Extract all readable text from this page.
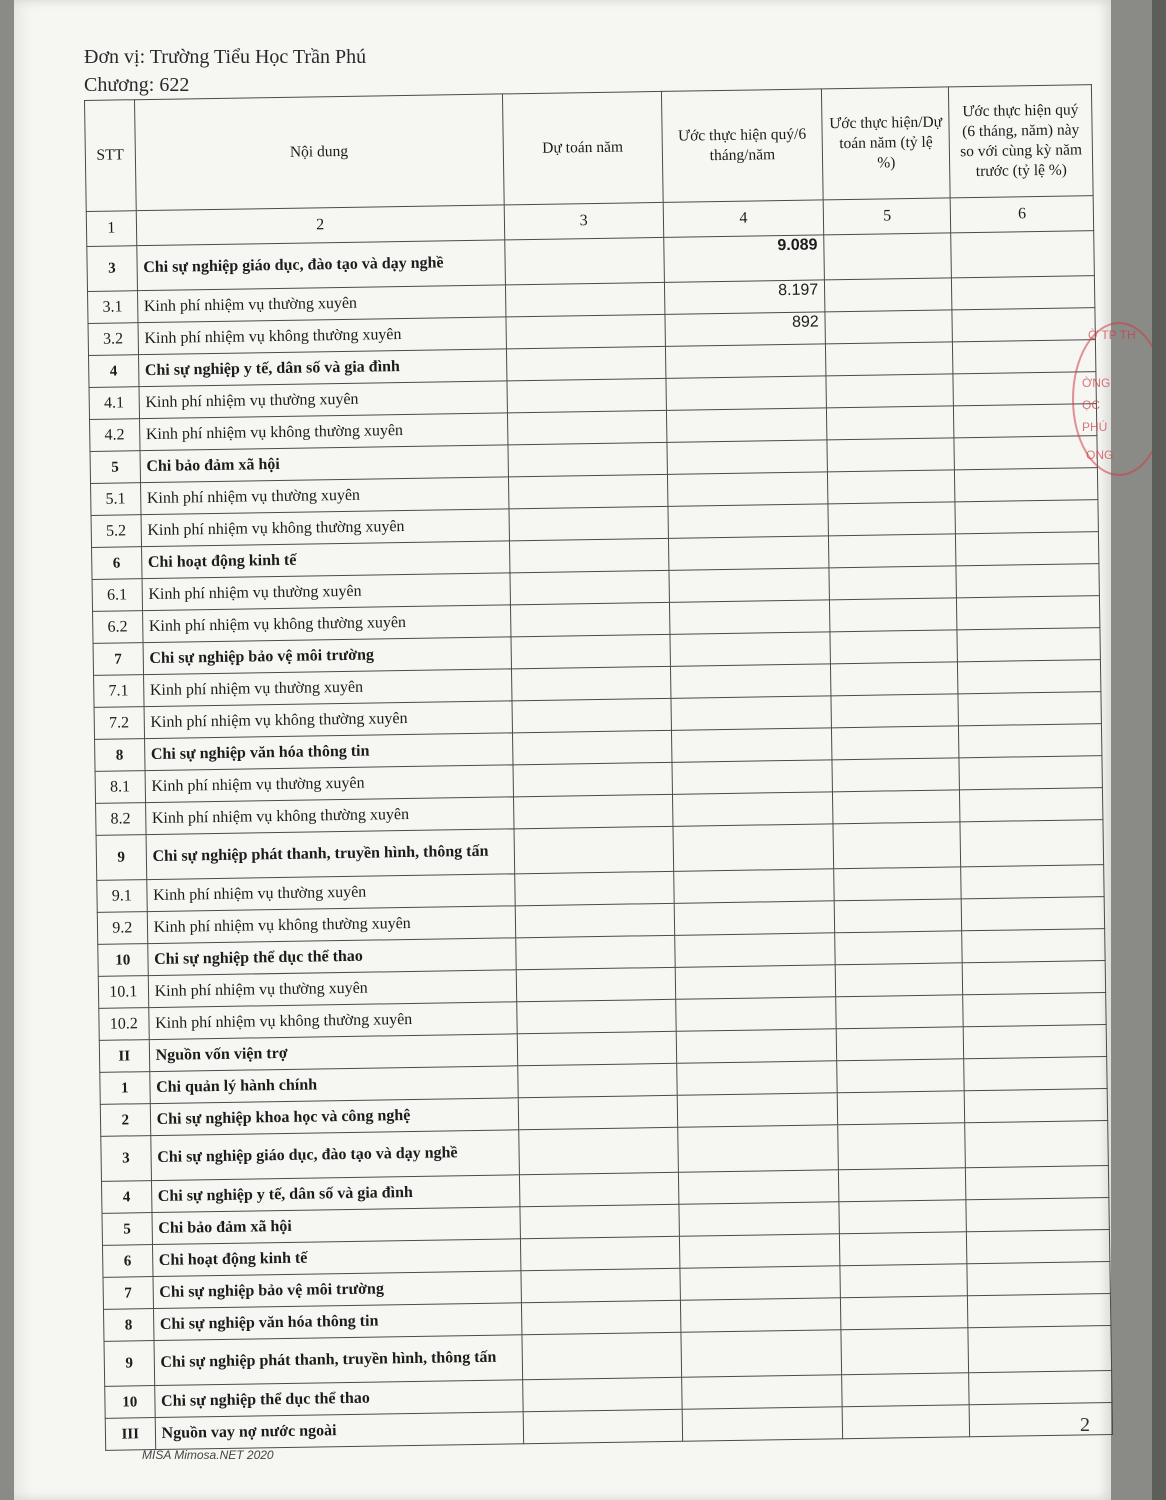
Đơn vị: Trường Tiểu Học Trần Phú
Chương: 622
STT	Nội dung	Dự toán năm	Ước thực hiện quý/6 tháng/năm	Ước thực hiện/Dự toán năm (tỷ lệ %)	Ước thực hiện quý (6 tháng, năm) này so với cùng kỳ năm trước (tỷ lệ %)
1	2	3	4	5	6
3	Chi sự nghiệp giáo dục, đào tạo và dạy nghề		9.089		
3.1	Kinh phí nhiệm vụ thường xuyên		8.197		
3.2	Kinh phí nhiệm vụ không thường xuyên		892		
4	Chi sự nghiệp y tế, dân số và gia đình				
4.1	Kinh phí nhiệm vụ thường xuyên				
4.2	Kinh phí nhiệm vụ không thường xuyên				
5	Chi bảo đảm xã hội				
5.1	Kinh phí nhiệm vụ thường xuyên				
5.2	Kinh phí nhiệm vụ không thường xuyên				
6	Chi hoạt động kinh tế				
6.1	Kinh phí nhiệm vụ thường xuyên				
6.2	Kinh phí nhiệm vụ không thường xuyên				
7	Chi sự nghiệp bảo vệ môi trường				
7.1	Kinh phí nhiệm vụ thường xuyên				
7.2	Kinh phí nhiệm vụ không thường xuyên				
8	Chi sự nghiệp văn hóa thông tin				
8.1	Kinh phí nhiệm vụ thường xuyên				
8.2	Kinh phí nhiệm vụ không thường xuyên				
9	Chi sự nghiệp phát thanh, truyền hình, thông tấn				
9.1	Kinh phí nhiệm vụ thường xuyên				
9.2	Kinh phí nhiệm vụ không thường xuyên				
10	Chi sự nghiệp thể dục thể thao				
10.1	Kinh phí nhiệm vụ thường xuyên				
10.2	Kinh phí nhiệm vụ không thường xuyên				
II	Nguồn vốn viện trợ				
1	Chi quản lý hành chính				
2	Chi sự nghiệp khoa học và công nghệ				
3	Chi sự nghiệp giáo dục, đào tạo và dạy nghề				
4	Chi sự nghiệp y tế, dân số và gia đình				
5	Chi bảo đảm xã hội				
6	Chi hoạt động kinh tế				
7	Chi sự nghiệp bảo vệ môi trường				
8	Chi sự nghiệp văn hóa thông tin				
9	Chi sự nghiệp phát thanh, truyền hình, thông tấn				
10	Chi sự nghiệp thể dục thể thao				
III	Nguồn vay nợ nước ngoài				
Ờ TP TH
ỜNG
ỌC
PHÚ
ONG
2
MISA Mimosa.NET 2020
